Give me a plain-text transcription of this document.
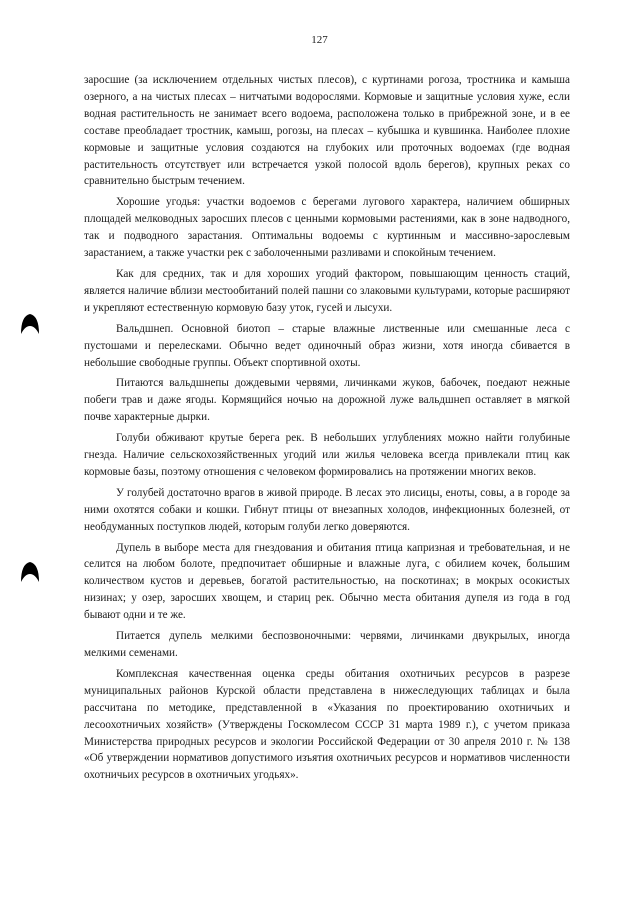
127

заросшие (за исключением отдельных чистых плесов), с куртинами рогоза, тростника и камыша озерного, а на чистых плесах – нитчатыми водорослями. Кормовые и защитные условия хуже, если водная растительность не занимает всего водоема, расположена только в прибрежной зоне, и в ее составе преобладает тростник, камыш, рогозы, на плесах – кубышка и кувшинка. Наиболее плохие кормовые и защитные условия создаются на глубоких или проточных водоемах (где водная растительность отсутствует или встречается узкой полосой вдоль берегов), крупных реках со сравнительно быстрым течением.

Хорошие угодья: участки водоемов с берегами лугового характера, наличием обширных площадей мелководных заросших плесов с ценными кормовыми растениями, как в зоне надводного, так и подводного зарастания. Оптимальны водоемы с куртинным и массивно-зарослевым зарастанием, а также участки рек с заболоченными разливами и спокойным течением.

Как для средних, так и для хороших угодий фактором, повышающим ценность стаций, является наличие вблизи местообитаний полей пашни со злаковыми культурами, которые расширяют и укрепляют естественную кормовую базу уток, гусей и лысухи.

Вальдшнеп. Основной биотоп – старые влажные лиственные или смешанные леса с пустошами и перелесками. Обычно ведет одиночный образ жизни, хотя иногда сбивается в небольшие свободные группы. Объект спортивной охоты.

Питаются вальдшнепы дождевыми червями, личинками жуков, бабочек, поедают нежные побеги трав и даже ягоды. Кормящийся ночью на дорожной луже вальдшнеп оставляет в мягкой почве характерные дырки.

Голуби обживают крутые берега рек. В небольших углублениях можно найти голубиные гнезда. Наличие сельскохозяйственных угодий или жилья человека всегда привлекали птиц как кормовые базы, поэтому отношения с человеком формировались на протяжении многих веков.

У голубей достаточно врагов в живой природе. В лесах это лисицы, еноты, совы, а в городе за ними охотятся собаки и кошки. Гибнут птицы от внезапных холодов, инфекционных болезней, от необдуманных поступков людей, которым голуби легко доверяются.

Дупель в выборе места для гнездования и обитания птица капризная и требовательная, и не селится на любом болоте, предпочитает обширные и влажные луга, с обилием кочек, большим количеством кустов и деревьев, богатой растительностью, на поскотинах; в мокрых осокистых низинах; у озер, заросших хвощем, и стариц рек. Обычно места обитания дупеля из года в год бывают одни и те же.

Питается дупель мелкими беспозвоночными: червями, личинками двукрылых, иногда мелкими семенами.

Комплексная качественная оценка среды обитания охотничьих ресурсов в разрезе муниципальных районов Курской области представлена в нижеследующих таблицах и была рассчитана по методике, представленной в «Указания по проектированию охотничьих и лесоохотничьих хозяйств» (Утверждены Госкомлесом СССР 31 марта 1989 г.), с учетом приказа Министерства природных ресурсов и экологии Российской Федерации от 30 апреля 2010 г. № 138 «Об утверждении нормативов допустимого изъятия охотничьих ресурсов и нормативов численности охотничьих ресурсов в охотничьих угодьях».
